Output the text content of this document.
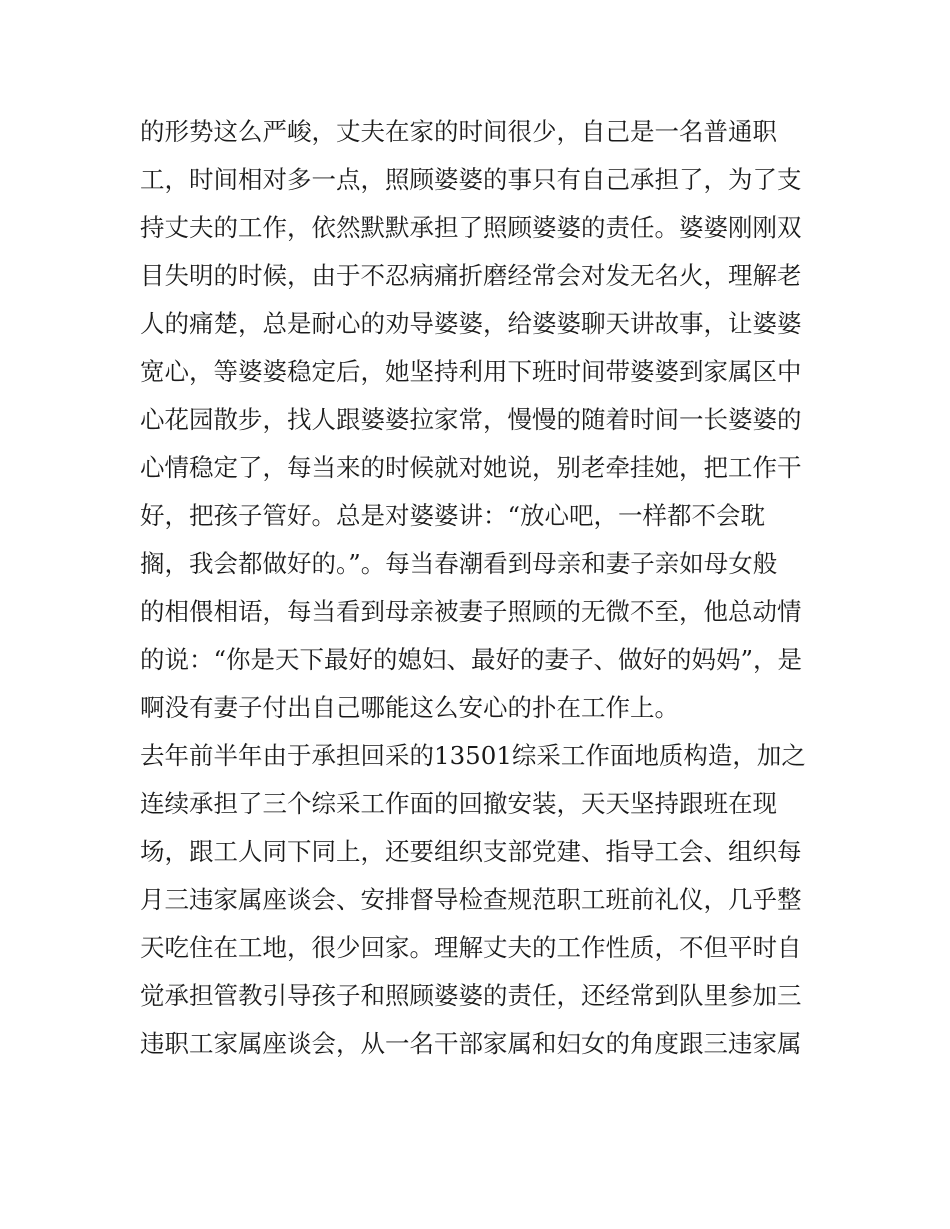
的形势这么严峻，丈夫在家的时间很少，自己是一名普通职
工，时间相对多一点，照顾婆婆的事只有自己承担了，为了支
持丈夫的工作，依然默默承担了照顾婆婆的责任。婆婆刚刚双
目失明的时候，由于不忍病痛折磨经常会对发无名火，理解老
人的痛楚，总是耐心的劝导婆婆，给婆婆聊天讲故事，让婆婆
宽心，等婆婆稳定后，她坚持利用下班时间带婆婆到家属区中
心花园散步，找人跟婆婆拉家常，慢慢的随着时间一长婆婆的
心情稳定了，每当来的时候就对她说，别老牵挂她，把工作干
好，把孩子管好。总是对婆婆讲：“放心吧，一样都不会耽
搁，我会都做好的。”。每当春潮看到母亲和妻子亲如母女般
的相偎相语，每当看到母亲被妻子照顾的无微不至，他总动情
的说：“你是天下最好的媳妇、最好的妻子、做好的妈妈”，是
啊没有妻子付出自己哪能这么安心的扑在工作上。
去年前半年由于承担回采的13501综采工作面地质构造，加之
连续承担了三个综采工作面的回撤安装，天天坚持跟班在现
场，跟工人同下同上，还要组织支部党建、指导工会、组织每
月三违家属座谈会、安排督导检查规范职工班前礼仪，几乎整
天吃住在工地，很少回家。理解丈夫的工作性质，不但平时自
觉承担管教引导孩子和照顾婆婆的责任，还经常到队里参加三
违职工家属座谈会，从一名干部家属和妇女的角度跟三违家属
